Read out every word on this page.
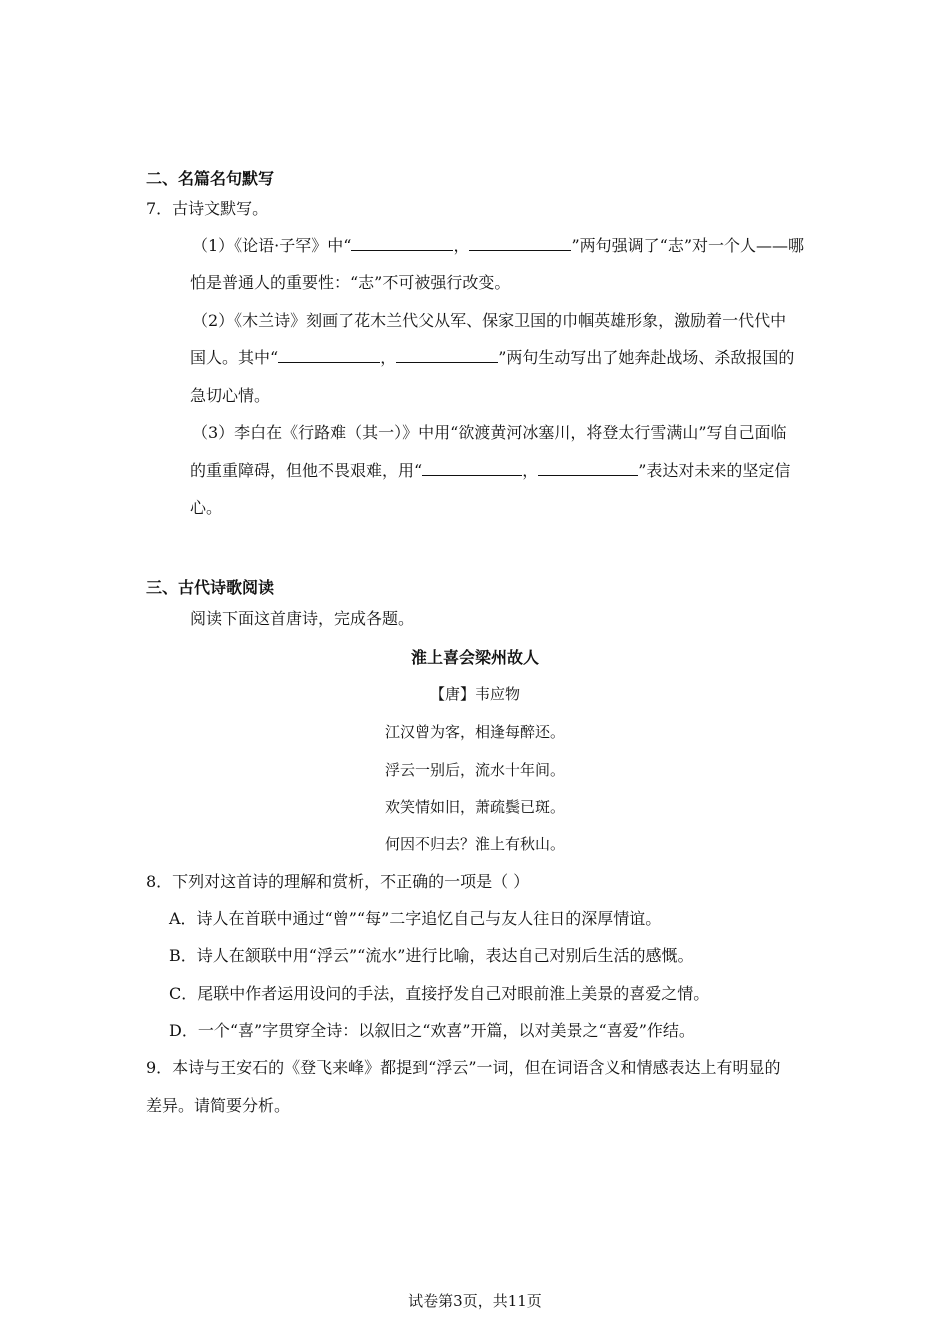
二、名篇名句默写
7．古诗文默写。
（1）《论语·子罕》中“	，	”两句强调了“志”对一个人——哪
怕是普通人的重要性：“志”不可被强行改变。
（2）《木兰诗》刻画了花木兰代父从军、保家卫国的巾帼英雄形象，激励着一代代中
国人。其中“	，	”两句生动写出了她奔赴战场、杀敌报国的
急切心情。
（3）李白在《行路难（其一）》中用“欲渡黄河冰塞川，将登太行雪满山”写自己面临
的重重障碍，但他不畏艰难，用“	，	”表达对未来的坚定信
心。
三、古代诗歌阅读
阅读下面这首唐诗，完成各题。
淮上喜会梁州故人
【唐】韦应物
江汉曾为客，相逢每醉还。
浮云一别后，流水十年间。
欢笑情如旧，萧疏鬓已斑。
何因不归去？淮上有秋山。
8．下列对这首诗的理解和赏析，不正确的一项是（ ）
A．诗人在首联中通过“曾”“每”二字追忆自己与友人往日的深厚情谊。
B．诗人在颔联中用“浮云”“流水”进行比喻，表达自己对别后生活的感慨。
C．尾联中作者运用设问的手法，直接抒发自己对眼前淮上美景的喜爱之情。
D．一个“喜”字贯穿全诗：以叙旧之“欢喜”开篇，以对美景之“喜爱”作结。
9．本诗与王安石的《登飞来峰》都提到“浮云”一词，但在词语含义和情感表达上有明显的
差异。请简要分析。
试卷第3页，共11页
